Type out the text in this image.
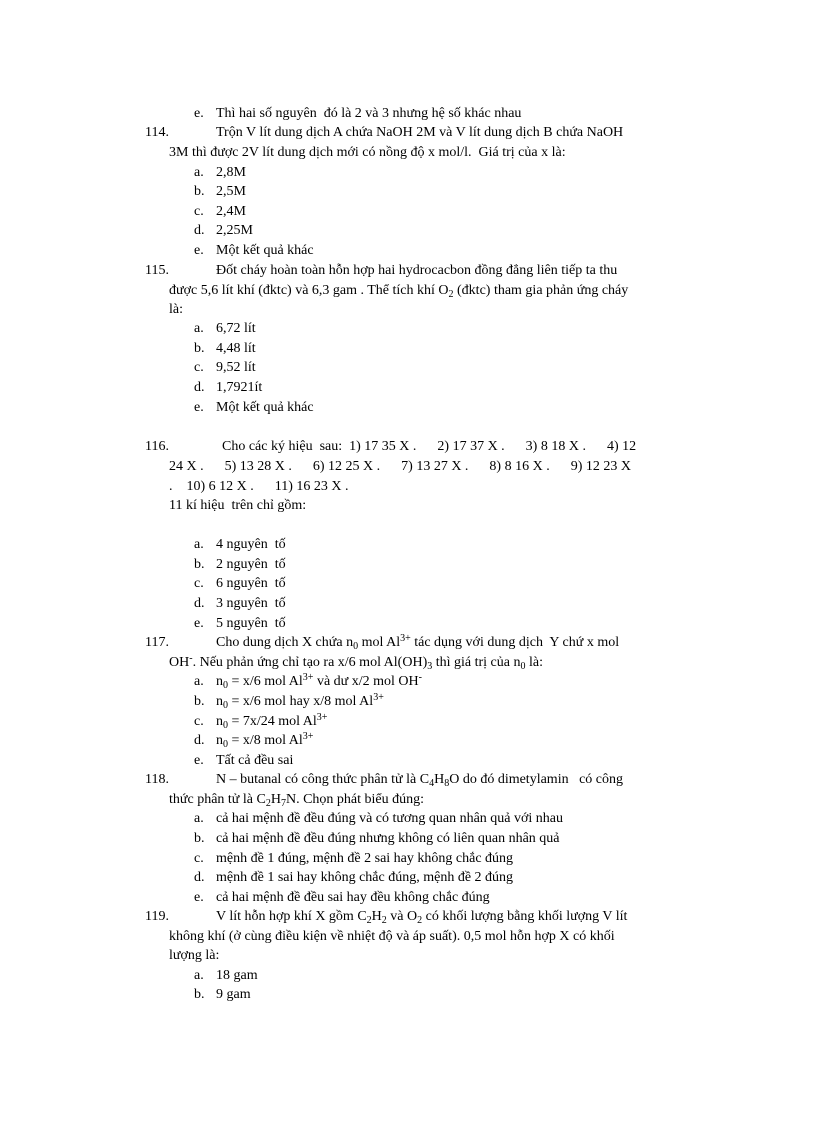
e. Thì hai số nguyên  đó là 2 và 3 nhưng hệ số khác nhau
114.	Trộn V lít dung dịch A chứa NaOH 2M và V lít dung dịch B chứa NaOH
3M thì được 2V lít dung dịch mới có nồng độ x mol/l.  Giá trị của x là:
a. 2,8M
b. 2,5M
c. 2,4M
d. 2,25M
e. Một kết quả khác
115.	Đốt cháy hoàn toàn hỗn hợp hai hydrocacbon đồng đẳng liên tiếp ta thu
được 5,6 lít khí (đktc) và 6,3 gam . Thể tích khí $O_2$ (đktc) tham gia phản ứng cháy
là:
a. 6,72 lít
b. 4,48 lít
c. 9,52 lít
d. 1,7921ít
e. Một kết quả khác
116.	Cho các ký hiệu  sau:  1) 17 35 X .      2) 17 37 X .      3) 8 18 X .      4) 12
24 X .      5) 13 28 X .      6) 12 25 X .      7) 13 27 X .      8) 8 16 X .      9) 12 23 X
.    10) 6 12 X .      11) 16 23 X .
11 kí hiệu  trên chỉ gồm:
a. 4 nguyên  tố
b. 2 nguyên  tố
c. 6 nguyên  tố
d. 3 nguyên  tố
e. 5 nguyên  tố
117.	Cho dung dịch X chứa $n_0$ mol $Al^{3+}$ tác dụng với dung dịch  Y chứ x mol
OH-. Nếu phản ứng chỉ tạo ra x/6 mol $Al(OH)_3$ thì giá trị của $n_0$ là:
a. $n_0 = x/6$ mol $Al^{3+}$ và dư x/2 mol OH-
b. $n_0 = x/6$ mol hay x/8 mol $Al^{3+}$
c. $n_0 = 7x/24$ mol $Al^{3+}$
d. $n_0 = x/8$ mol $Al^{3+}$
e. Tất cả đều sai
118.	N – butanal có công thức phân tử là $C_4H_8O$ do đó dimetylamin   có công
thức phân tử là $C_2H_7N$. Chọn phát biểu đúng:
a. cả hai mệnh đề đều đúng và có tương quan nhân quả với nhau
b. cả hai mệnh đề đều đúng nhưng không có liên quan nhân quả
c. mệnh đề 1 đúng, mệnh đề 2 sai hay không chắc đúng
d. mệnh đề 1 sai hay không chắc đúng, mệnh đề 2 đúng
e. cả hai mệnh đề đều sai hay đều không chắc đúng
119.	V lít hỗn hợp khí X gồm $C_2H_2$ và $O_2$ có khối lượng bằng khối lượng V lít
không khí (ở cùng điều kiện về nhiệt độ và áp suất). 0,5 mol hỗn hợp X có khối
lượng là:
a. 18 gam
b. 9 gam
